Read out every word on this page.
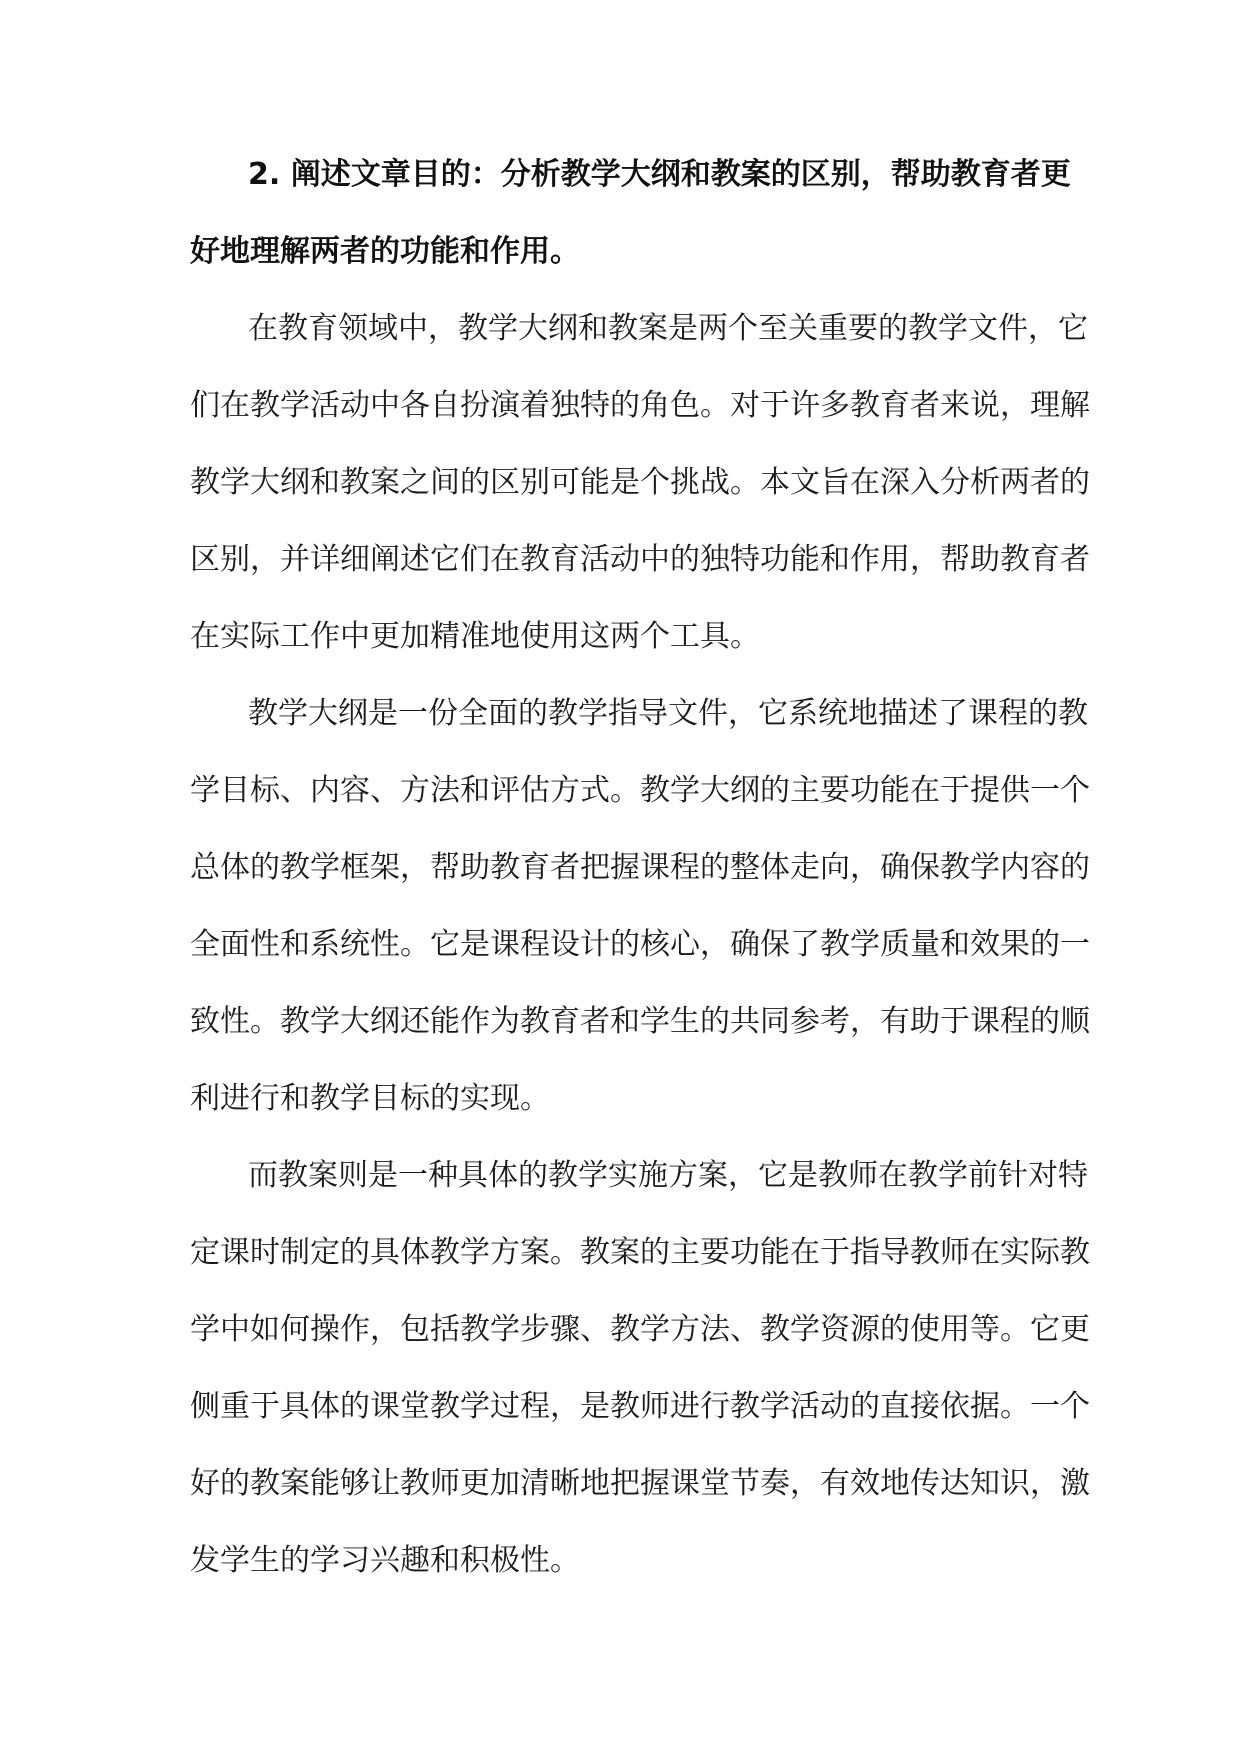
2. 阐述文章目的：分析教学大纲和教案的区别，帮助教育者更
好地理解两者的功能和作用。
在教育领域中，教学大纲和教案是两个至关重要的教学文件，它
们在教学活动中各自扮演着独特的角色。对于许多教育者来说，理解
教学大纲和教案之间的区别可能是个挑战。本文旨在深入分析两者的
区别，并详细阐述它们在教育活动中的独特功能和作用，帮助教育者
在实际工作中更加精准地使用这两个工具。
教学大纲是一份全面的教学指导文件，它系统地描述了课程的教
学目标、内容、方法和评估方式。教学大纲的主要功能在于提供一个
总体的教学框架，帮助教育者把握课程的整体走向，确保教学内容的
全面性和系统性。它是课程设计的核心，确保了教学质量和效果的一
致性。教学大纲还能作为教育者和学生的共同参考，有助于课程的顺
利进行和教学目标的实现。
而教案则是一种具体的教学实施方案，它是教师在教学前针对特
定课时制定的具体教学方案。教案的主要功能在于指导教师在实际教
学中如何操作，包括教学步骤、教学方法、教学资源的使用等。它更
侧重于具体的课堂教学过程，是教师进行教学活动的直接依据。一个
好的教案能够让教师更加清晰地把握课堂节奏，有效地传达知识，激
发学生的学习兴趣和积极性。
